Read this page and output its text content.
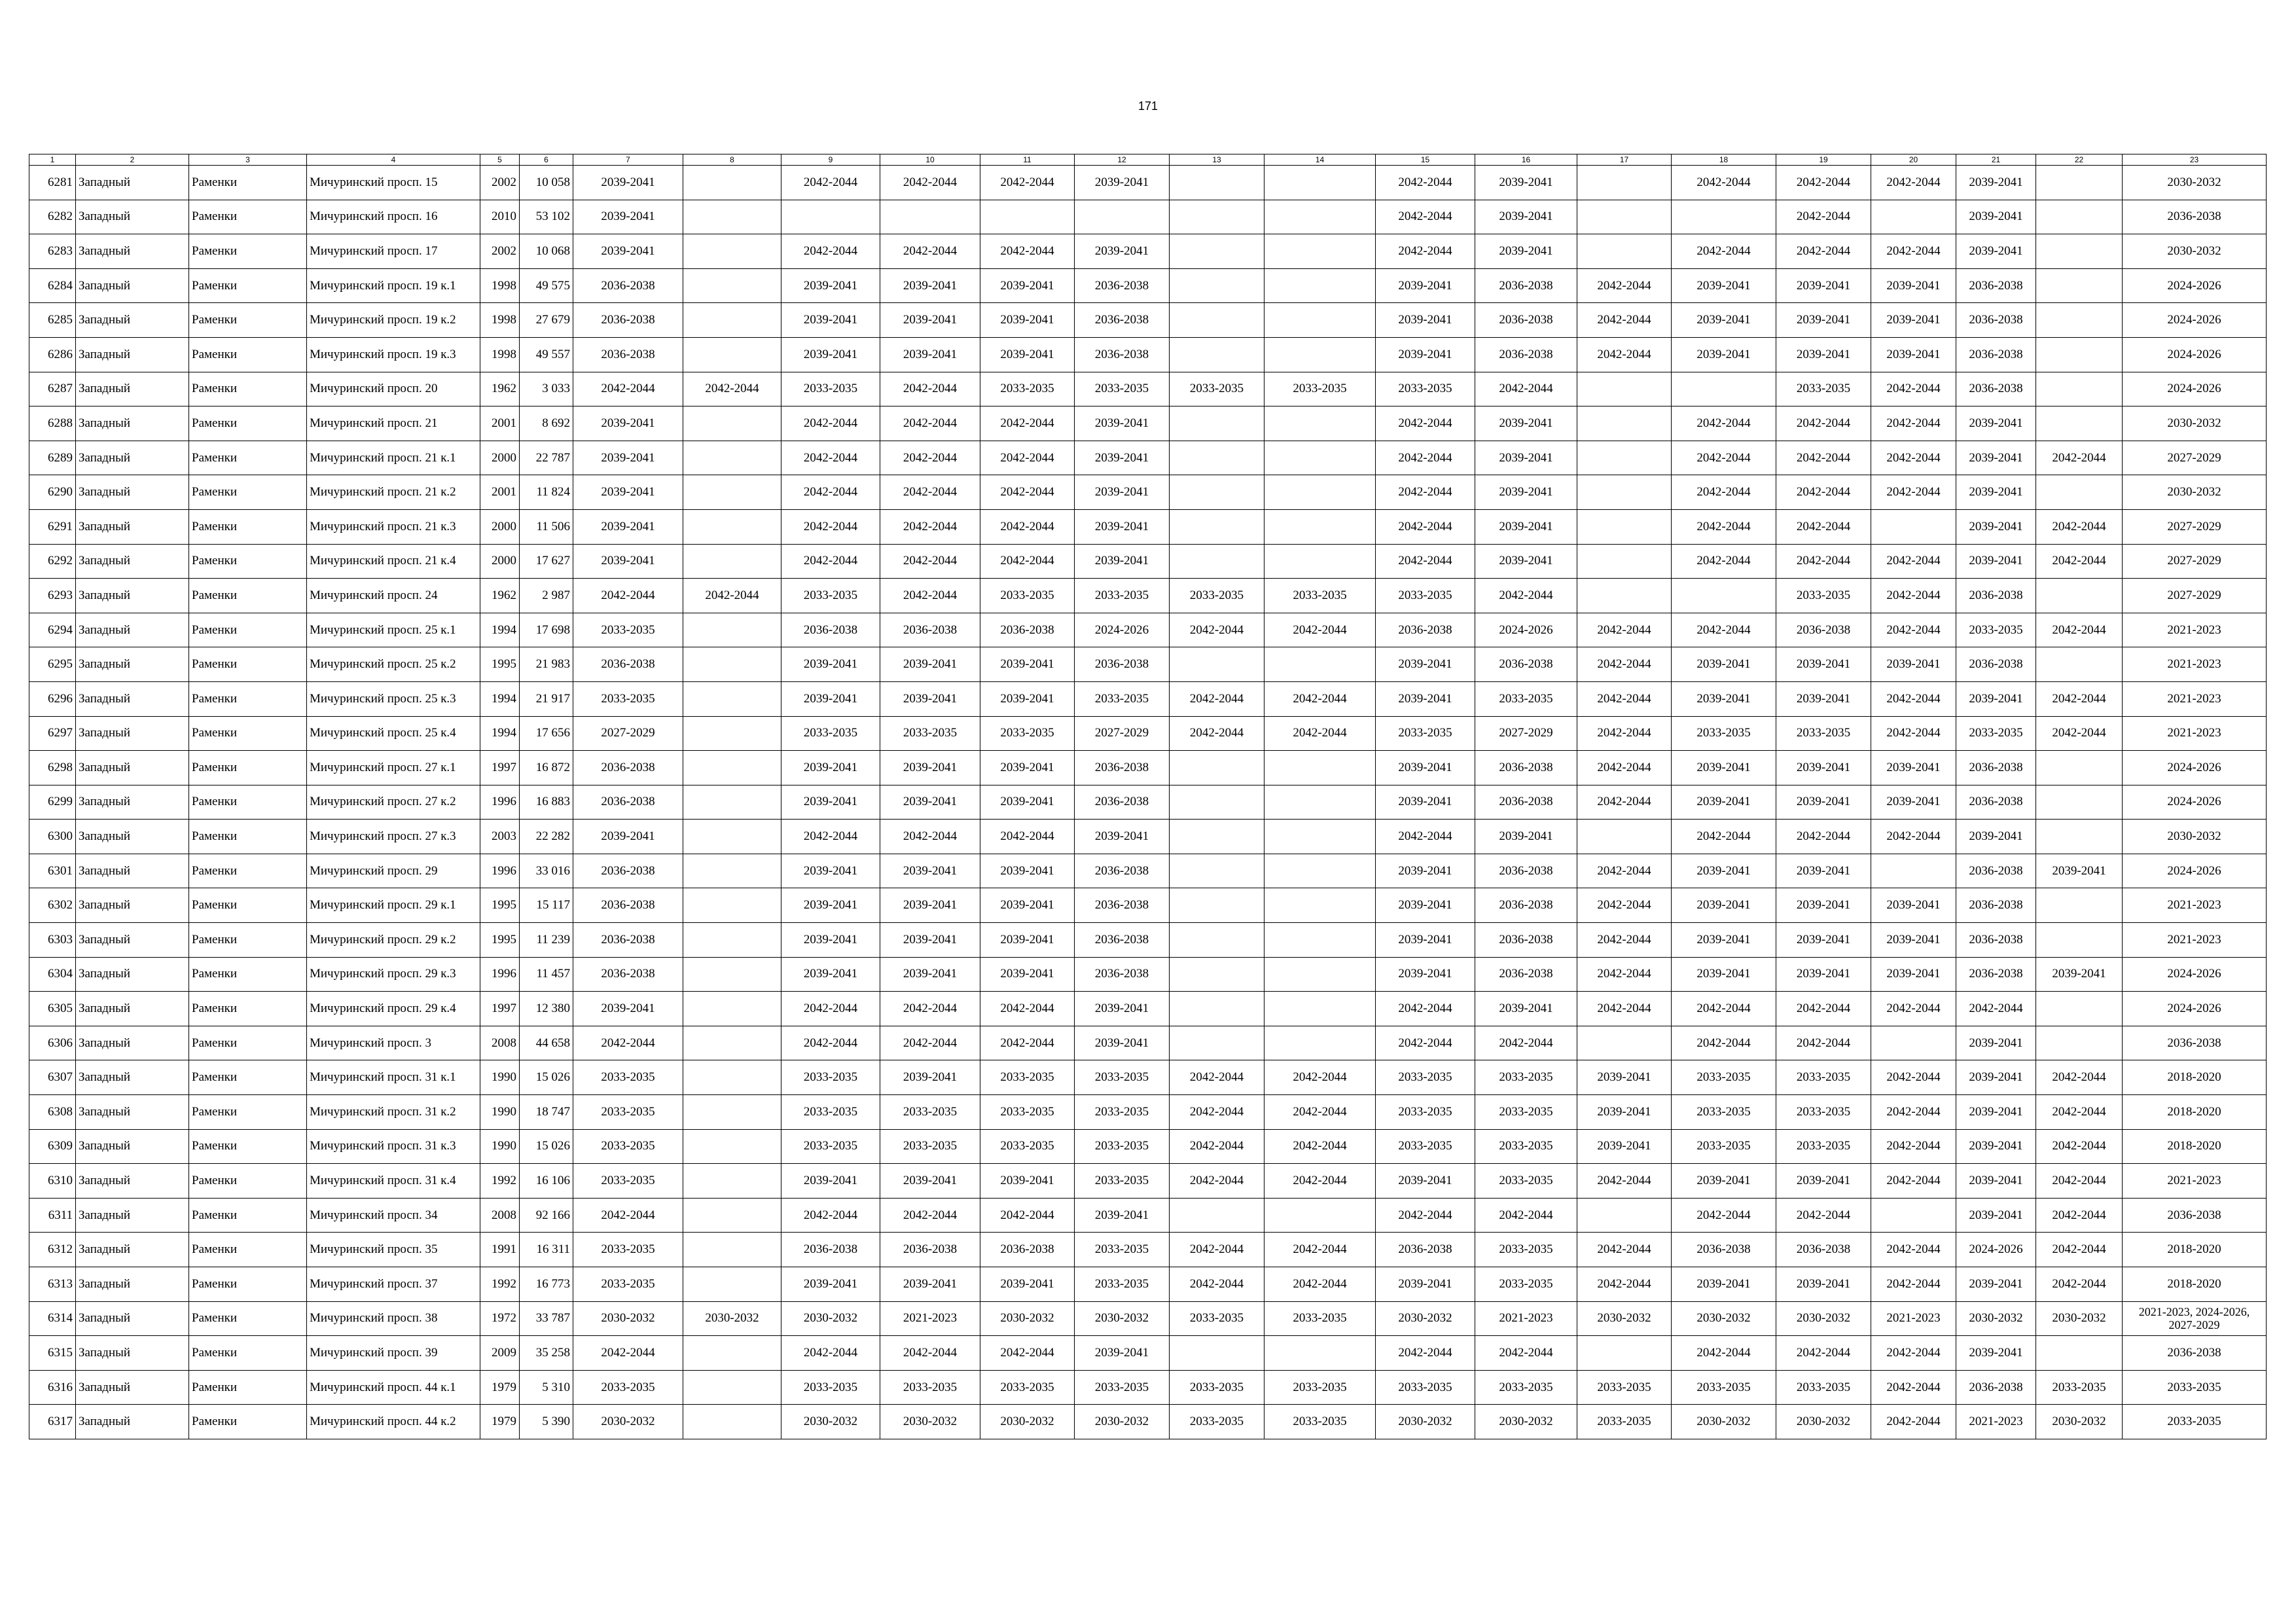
171
1	2	3	4	5	6	7	8	9	10	11	12	13	14	15	16	17	18	19	20	21	22	23
6281	Западный	Раменки	Мичуринский просп. 15	2002	10 058	2039-2041		2042-2044	2042-2044	2042-2044	2039-2041			2042-2044	2039-2041		2042-2044	2042-2044	2042-2044	2039-2041		2030-2032
6282	Западный	Раменки	Мичуринский просп. 16	2010	53 102	2039-2041								2042-2044	2039-2041			2042-2044		2039-2041		2036-2038
6283	Западный	Раменки	Мичуринский просп. 17	2002	10 068	2039-2041		2042-2044	2042-2044	2042-2044	2039-2041			2042-2044	2039-2041		2042-2044	2042-2044	2042-2044	2039-2041		2030-2032
6284	Западный	Раменки	Мичуринский просп. 19 к.1	1998	49 575	2036-2038		2039-2041	2039-2041	2039-2041	2036-2038			2039-2041	2036-2038	2042-2044	2039-2041	2039-2041	2039-2041	2036-2038		2024-2026
6285	Западный	Раменки	Мичуринский просп. 19 к.2	1998	27 679	2036-2038		2039-2041	2039-2041	2039-2041	2036-2038			2039-2041	2036-2038	2042-2044	2039-2041	2039-2041	2039-2041	2036-2038		2024-2026
6286	Западный	Раменки	Мичуринский просп. 19 к.3	1998	49 557	2036-2038		2039-2041	2039-2041	2039-2041	2036-2038			2039-2041	2036-2038	2042-2044	2039-2041	2039-2041	2039-2041	2036-2038		2024-2026
6287	Западный	Раменки	Мичуринский просп. 20	1962	3 033	2042-2044	2042-2044	2033-2035	2042-2044	2033-2035	2033-2035	2033-2035	2033-2035	2033-2035	2042-2044			2033-2035	2042-2044	2036-2038		2024-2026
6288	Западный	Раменки	Мичуринский просп. 21	2001	8 692	2039-2041		2042-2044	2042-2044	2042-2044	2039-2041			2042-2044	2039-2041		2042-2044	2042-2044	2042-2044	2039-2041		2030-2032
6289	Западный	Раменки	Мичуринский просп. 21 к.1	2000	22 787	2039-2041		2042-2044	2042-2044	2042-2044	2039-2041			2042-2044	2039-2041		2042-2044	2042-2044	2042-2044	2039-2041	2042-2044	2027-2029
6290	Западный	Раменки	Мичуринский просп. 21 к.2	2001	11 824	2039-2041		2042-2044	2042-2044	2042-2044	2039-2041			2042-2044	2039-2041		2042-2044	2042-2044	2042-2044	2039-2041		2030-2032
6291	Западный	Раменки	Мичуринский просп. 21 к.3	2000	11 506	2039-2041		2042-2044	2042-2044	2042-2044	2039-2041			2042-2044	2039-2041		2042-2044	2042-2044		2039-2041	2042-2044	2027-2029
6292	Западный	Раменки	Мичуринский просп. 21 к.4	2000	17 627	2039-2041		2042-2044	2042-2044	2042-2044	2039-2041			2042-2044	2039-2041		2042-2044	2042-2044	2042-2044	2039-2041	2042-2044	2027-2029
6293	Западный	Раменки	Мичуринский просп. 24	1962	2 987	2042-2044	2042-2044	2033-2035	2042-2044	2033-2035	2033-2035	2033-2035	2033-2035	2033-2035	2042-2044			2033-2035	2042-2044	2036-2038		2027-2029
6294	Западный	Раменки	Мичуринский просп. 25 к.1	1994	17 698	2033-2035		2036-2038	2036-2038	2036-2038	2024-2026	2042-2044	2042-2044	2036-2038	2024-2026	2042-2044	2042-2044	2036-2038	2042-2044	2033-2035	2042-2044	2021-2023
6295	Западный	Раменки	Мичуринский просп. 25 к.2	1995	21 983	2036-2038		2039-2041	2039-2041	2039-2041	2036-2038			2039-2041	2036-2038	2042-2044	2039-2041	2039-2041	2039-2041	2036-2038		2021-2023
6296	Западный	Раменки	Мичуринский просп. 25 к.3	1994	21 917	2033-2035		2039-2041	2039-2041	2039-2041	2033-2035	2042-2044	2042-2044	2039-2041	2033-2035	2042-2044	2039-2041	2039-2041	2042-2044	2039-2041	2042-2044	2021-2023
6297	Западный	Раменки	Мичуринский просп. 25 к.4	1994	17 656	2027-2029		2033-2035	2033-2035	2033-2035	2027-2029	2042-2044	2042-2044	2033-2035	2027-2029	2042-2044	2033-2035	2033-2035	2042-2044	2033-2035	2042-2044	2021-2023
6298	Западный	Раменки	Мичуринский просп. 27 к.1	1997	16 872	2036-2038		2039-2041	2039-2041	2039-2041	2036-2038			2039-2041	2036-2038	2042-2044	2039-2041	2039-2041	2039-2041	2036-2038		2024-2026
6299	Западный	Раменки	Мичуринский просп. 27 к.2	1996	16 883	2036-2038		2039-2041	2039-2041	2039-2041	2036-2038			2039-2041	2036-2038	2042-2044	2039-2041	2039-2041	2039-2041	2036-2038		2024-2026
6300	Западный	Раменки	Мичуринский просп. 27 к.3	2003	22 282	2039-2041		2042-2044	2042-2044	2042-2044	2039-2041			2042-2044	2039-2041		2042-2044	2042-2044	2042-2044	2039-2041		2030-2032
6301	Западный	Раменки	Мичуринский просп. 29	1996	33 016	2036-2038		2039-2041	2039-2041	2039-2041	2036-2038			2039-2041	2036-2038	2042-2044	2039-2041	2039-2041		2036-2038	2039-2041	2024-2026
6302	Западный	Раменки	Мичуринский просп. 29 к.1	1995	15 117	2036-2038		2039-2041	2039-2041	2039-2041	2036-2038			2039-2041	2036-2038	2042-2044	2039-2041	2039-2041	2039-2041	2036-2038		2021-2023
6303	Западный	Раменки	Мичуринский просп. 29 к.2	1995	11 239	2036-2038		2039-2041	2039-2041	2039-2041	2036-2038			2039-2041	2036-2038	2042-2044	2039-2041	2039-2041	2039-2041	2036-2038		2021-2023
6304	Западный	Раменки	Мичуринский просп. 29 к.3	1996	11 457	2036-2038		2039-2041	2039-2041	2039-2041	2036-2038			2039-2041	2036-2038	2042-2044	2039-2041	2039-2041	2039-2041	2036-2038	2039-2041	2024-2026
6305	Западный	Раменки	Мичуринский просп. 29 к.4	1997	12 380	2039-2041		2042-2044	2042-2044	2042-2044	2039-2041			2042-2044	2039-2041	2042-2044	2042-2044	2042-2044	2042-2044	2042-2044		2024-2026
6306	Западный	Раменки	Мичуринский просп. 3	2008	44 658	2042-2044		2042-2044	2042-2044	2042-2044	2039-2041			2042-2044	2042-2044		2042-2044	2042-2044		2039-2041		2036-2038
6307	Западный	Раменки	Мичуринский просп. 31 к.1	1990	15 026	2033-2035		2033-2035	2039-2041	2033-2035	2033-2035	2042-2044	2042-2044	2033-2035	2033-2035	2039-2041	2033-2035	2033-2035	2042-2044	2039-2041	2042-2044	2018-2020
6308	Западный	Раменки	Мичуринский просп. 31 к.2	1990	18 747	2033-2035		2033-2035	2033-2035	2033-2035	2033-2035	2042-2044	2042-2044	2033-2035	2033-2035	2039-2041	2033-2035	2033-2035	2042-2044	2039-2041	2042-2044	2018-2020
6309	Западный	Раменки	Мичуринский просп. 31 к.3	1990	15 026	2033-2035		2033-2035	2033-2035	2033-2035	2033-2035	2042-2044	2042-2044	2033-2035	2033-2035	2039-2041	2033-2035	2033-2035	2042-2044	2039-2041	2042-2044	2018-2020
6310	Западный	Раменки	Мичуринский просп. 31 к.4	1992	16 106	2033-2035		2039-2041	2039-2041	2039-2041	2033-2035	2042-2044	2042-2044	2039-2041	2033-2035	2042-2044	2039-2041	2039-2041	2042-2044	2039-2041	2042-2044	2021-2023
6311	Западный	Раменки	Мичуринский просп. 34	2008	92 166	2042-2044		2042-2044	2042-2044	2042-2044	2039-2041			2042-2044	2042-2044		2042-2044	2042-2044		2039-2041	2042-2044	2036-2038
6312	Западный	Раменки	Мичуринский просп. 35	1991	16 311	2033-2035		2036-2038	2036-2038	2036-2038	2033-2035	2042-2044	2042-2044	2036-2038	2033-2035	2042-2044	2036-2038	2036-2038	2042-2044	2024-2026	2042-2044	2018-2020
6313	Западный	Раменки	Мичуринский просп. 37	1992	16 773	2033-2035		2039-2041	2039-2041	2039-2041	2033-2035	2042-2044	2042-2044	2039-2041	2033-2035	2042-2044	2039-2041	2039-2041	2042-2044	2039-2041	2042-2044	2018-2020
6314	Западный	Раменки	Мичуринский просп. 38	1972	33 787	2030-2032	2030-2032	2030-2032	2021-2023	2030-2032	2030-2032	2033-2035	2033-2035	2030-2032	2021-2023	2030-2032	2030-2032	2030-2032	2021-2023	2030-2032	2030-2032	2021-2023, 2024-2026, 2027-2029
6315	Западный	Раменки	Мичуринский просп. 39	2009	35 258	2042-2044		2042-2044	2042-2044	2042-2044	2039-2041			2042-2044	2042-2044		2042-2044	2042-2044	2042-2044	2039-2041		2036-2038
6316	Западный	Раменки	Мичуринский просп. 44 к.1	1979	5 310	2033-2035		2033-2035	2033-2035	2033-2035	2033-2035	2033-2035	2033-2035	2033-2035	2033-2035	2033-2035	2033-2035	2033-2035	2042-2044	2036-2038	2033-2035	2033-2035
6317	Западный	Раменки	Мичуринский просп. 44 к.2	1979	5 390	2030-2032		2030-2032	2030-2032	2030-2032	2030-2032	2033-2035	2033-2035	2030-2032	2030-2032	2033-2035	2030-2032	2030-2032	2042-2044	2021-2023	2030-2032	2033-2035
